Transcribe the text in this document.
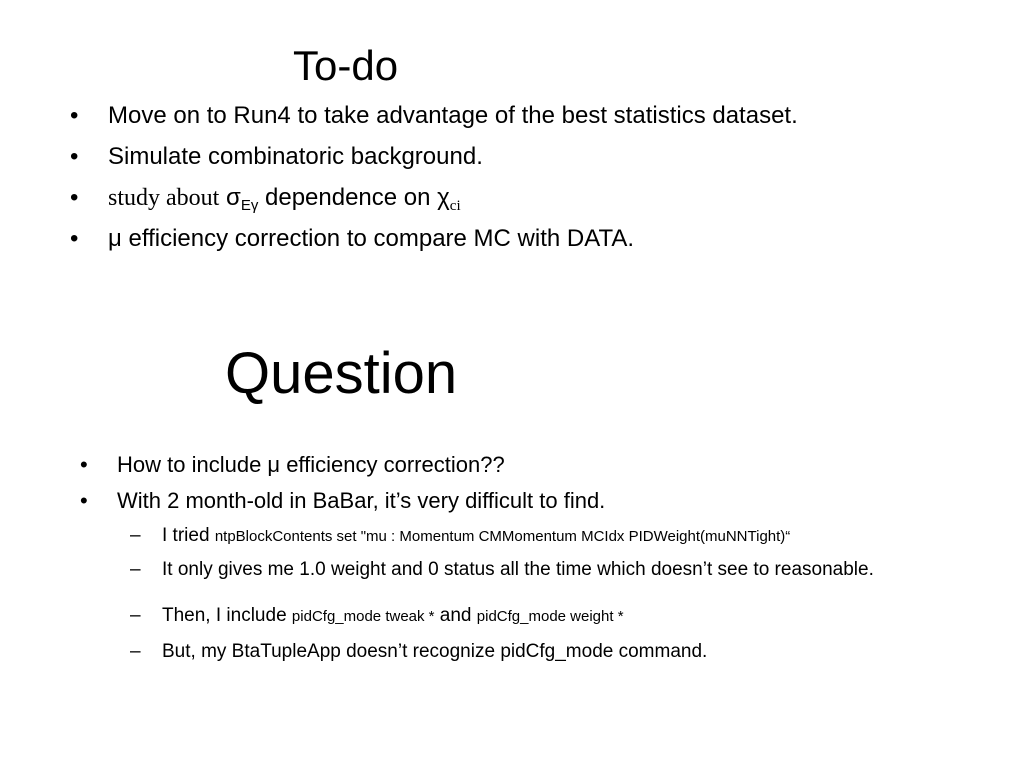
To-do
• Move on to Run4 to take advantage of the best statistics dataset.
• Simulate combinatoric background.
• study about $\sigma_{E\gamma}$ dependence on $\chi_{ci}$
• μ efficiency correction to compare MC with DATA.
Question
• How to include μ efficiency correction??
• With 2 month-old in BaBar, it’s very difficult to find.
– I tried ntpBlockContents set "mu : Momentum CMMomentum MCIdx PIDWeight(muNNTight)“
– It only gives me 1.0 weight and 0 status all the time which doesn’t see to reasonable.
– Then, I include pidCfg_mode tweak * and pidCfg_mode weight *
– But, my BtaTupleApp doesn’t recognize pidCfg_mode command.
